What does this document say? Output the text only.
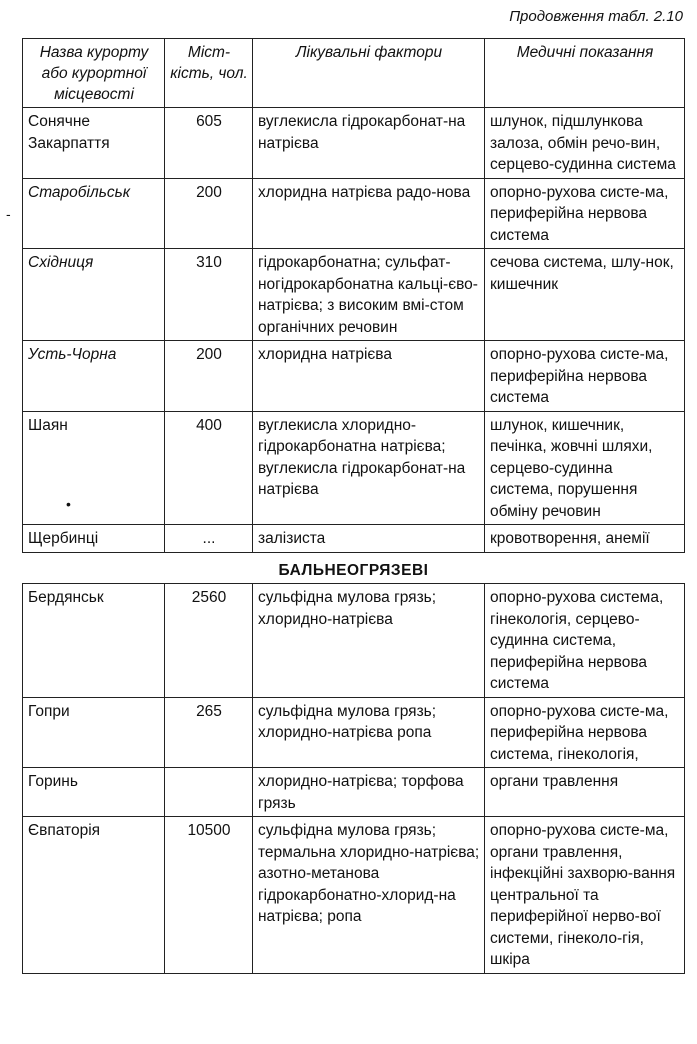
Продовження табл. 2.10
-
•
Назва курорту або курортної місцевості	Міст-кість, чол.	Лікувальні фактори	Медичні показання
Сонячне Закарпаття	605	вуглекисла гідрокарбонат-на натрієва	шлунок, підшлункова залоза, обмін речо-вин, серцево-судинна система
Старобільськ	200	хлоридна натрієва радо-нова	опорно-рухова систе-ма, периферійна нервова система
Східниця	310	гідрокарбонатна; сульфат-ногідрокарбонатна кальці-єво-натрієва; з високим вмі-стом органічних речовин	сечова система, шлу-нок, кишечник
Усть-Чорна	200	хлоридна натрієва	опорно-рухова систе-ма, периферійна нервова система
Шаян	400	вуглекисла хлоридно-гідрокарбонатна натрієва; вуглекисла гідрокарбонат-на натрієва	шлунок, кишечник, печінка, жовчні шляхи, серцево-судинна система, порушення обміну речовин
Щербинці	...	залізиста	кровотворення, анемії
БАЛЬНЕОГРЯЗЕВІ			
Бердянськ	2560	сульфідна мулова грязь; хлоридно-натрієва	опорно-рухова система, гінекологія, серцево-судинна система, периферійна нервова система
Гопри	265	сульфідна мулова грязь; хлоридно-натрієва ропа	опорно-рухова систе-ма, периферійна нервова система, гінекологія,
Горинь		хлоридно-натрієва; торфова грязь	органи травлення
Євпаторія	10500	сульфідна мулова грязь; термальна хлоридно-натрієва; азотно-метанова гідрокарбонатно-хлорид-на натрієва; ропа	опорно-рухова систе-ма, органи травлення, інфекційні захворю-вання центральної та периферійної нерво-вої системи, гінеколо-гія, шкіра
